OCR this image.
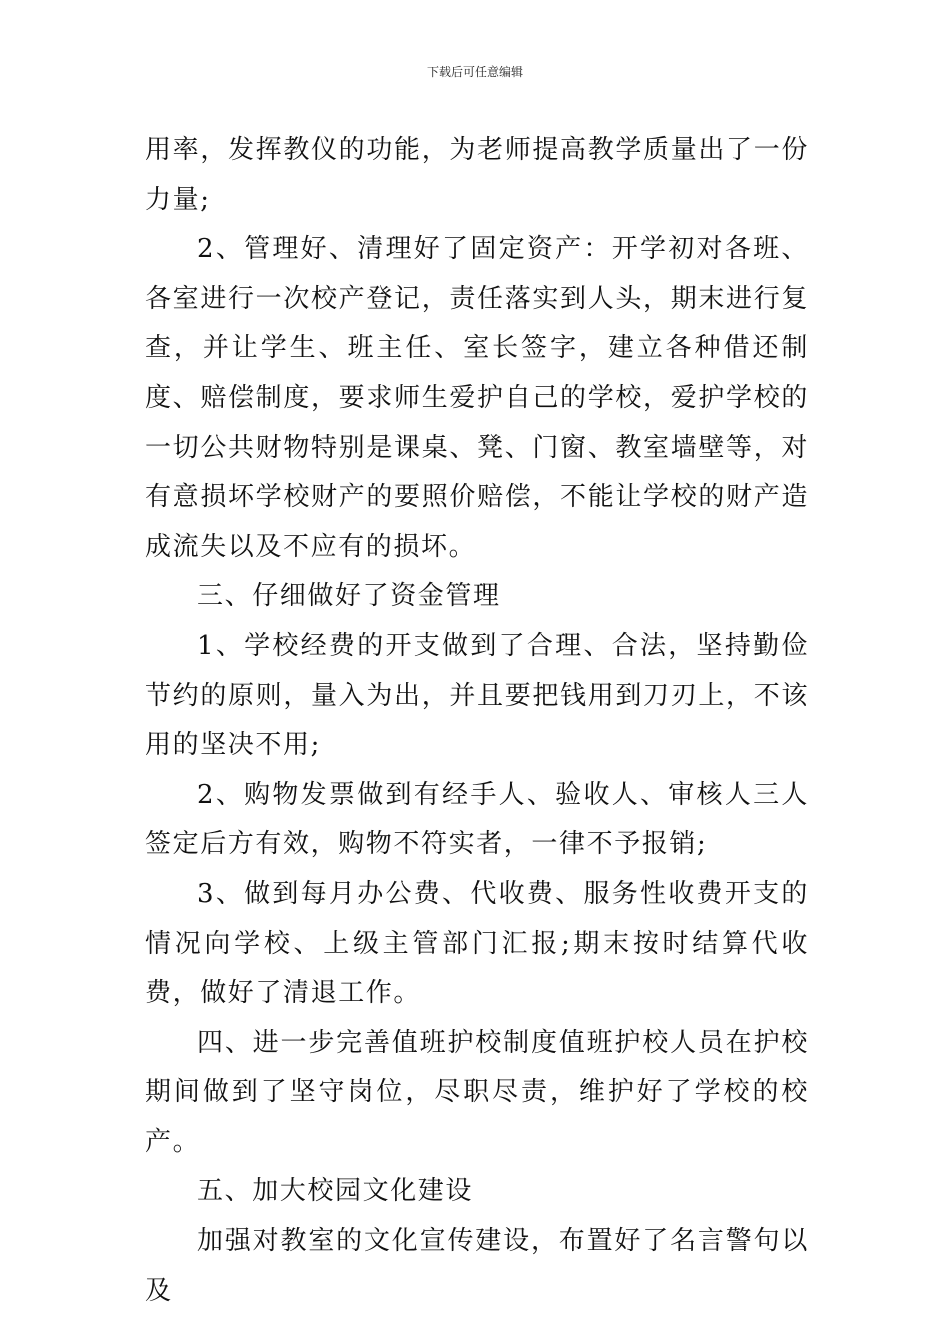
下载后可任意编辑

用率，发挥教仪的功能，为老师提高教学质量出了一份力量;

2、管理好、清理好了固定资产：开学初对各班、各室进行一次校产登记，责任落实到人头，期末进行复查，并让学生、班主任、室长签字，建立各种借还制度、赔偿制度，要求师生爱护自己的学校，爱护学校的一切公共财物特别是课桌、凳、门窗、教室墙壁等，对有意损坏学校财产的要照价赔偿，不能让学校的财产造成流失以及不应有的损坏。

三、仔细做好了资金管理

1、学校经费的开支做到了合理、合法，坚持勤俭节约的原则，量入为出，并且要把钱用到刀刃上，不该用的坚决不用;

2、购物发票做到有经手人、验收人、审核人三人签定后方有效，购物不符实者，一律不予报销;

3、做到每月办公费、代收费、服务性收费开支的情况向学校、上级主管部门汇报;期末按时结算代收费，做好了清退工作。

四、进一步完善值班护校制度值班护校人员在护校期间做到了坚守岗位，尽职尽责，维护好了学校的校产。

五、加大校园文化建设

加强对教室的文化宣传建设，布置好了名言警句以及
